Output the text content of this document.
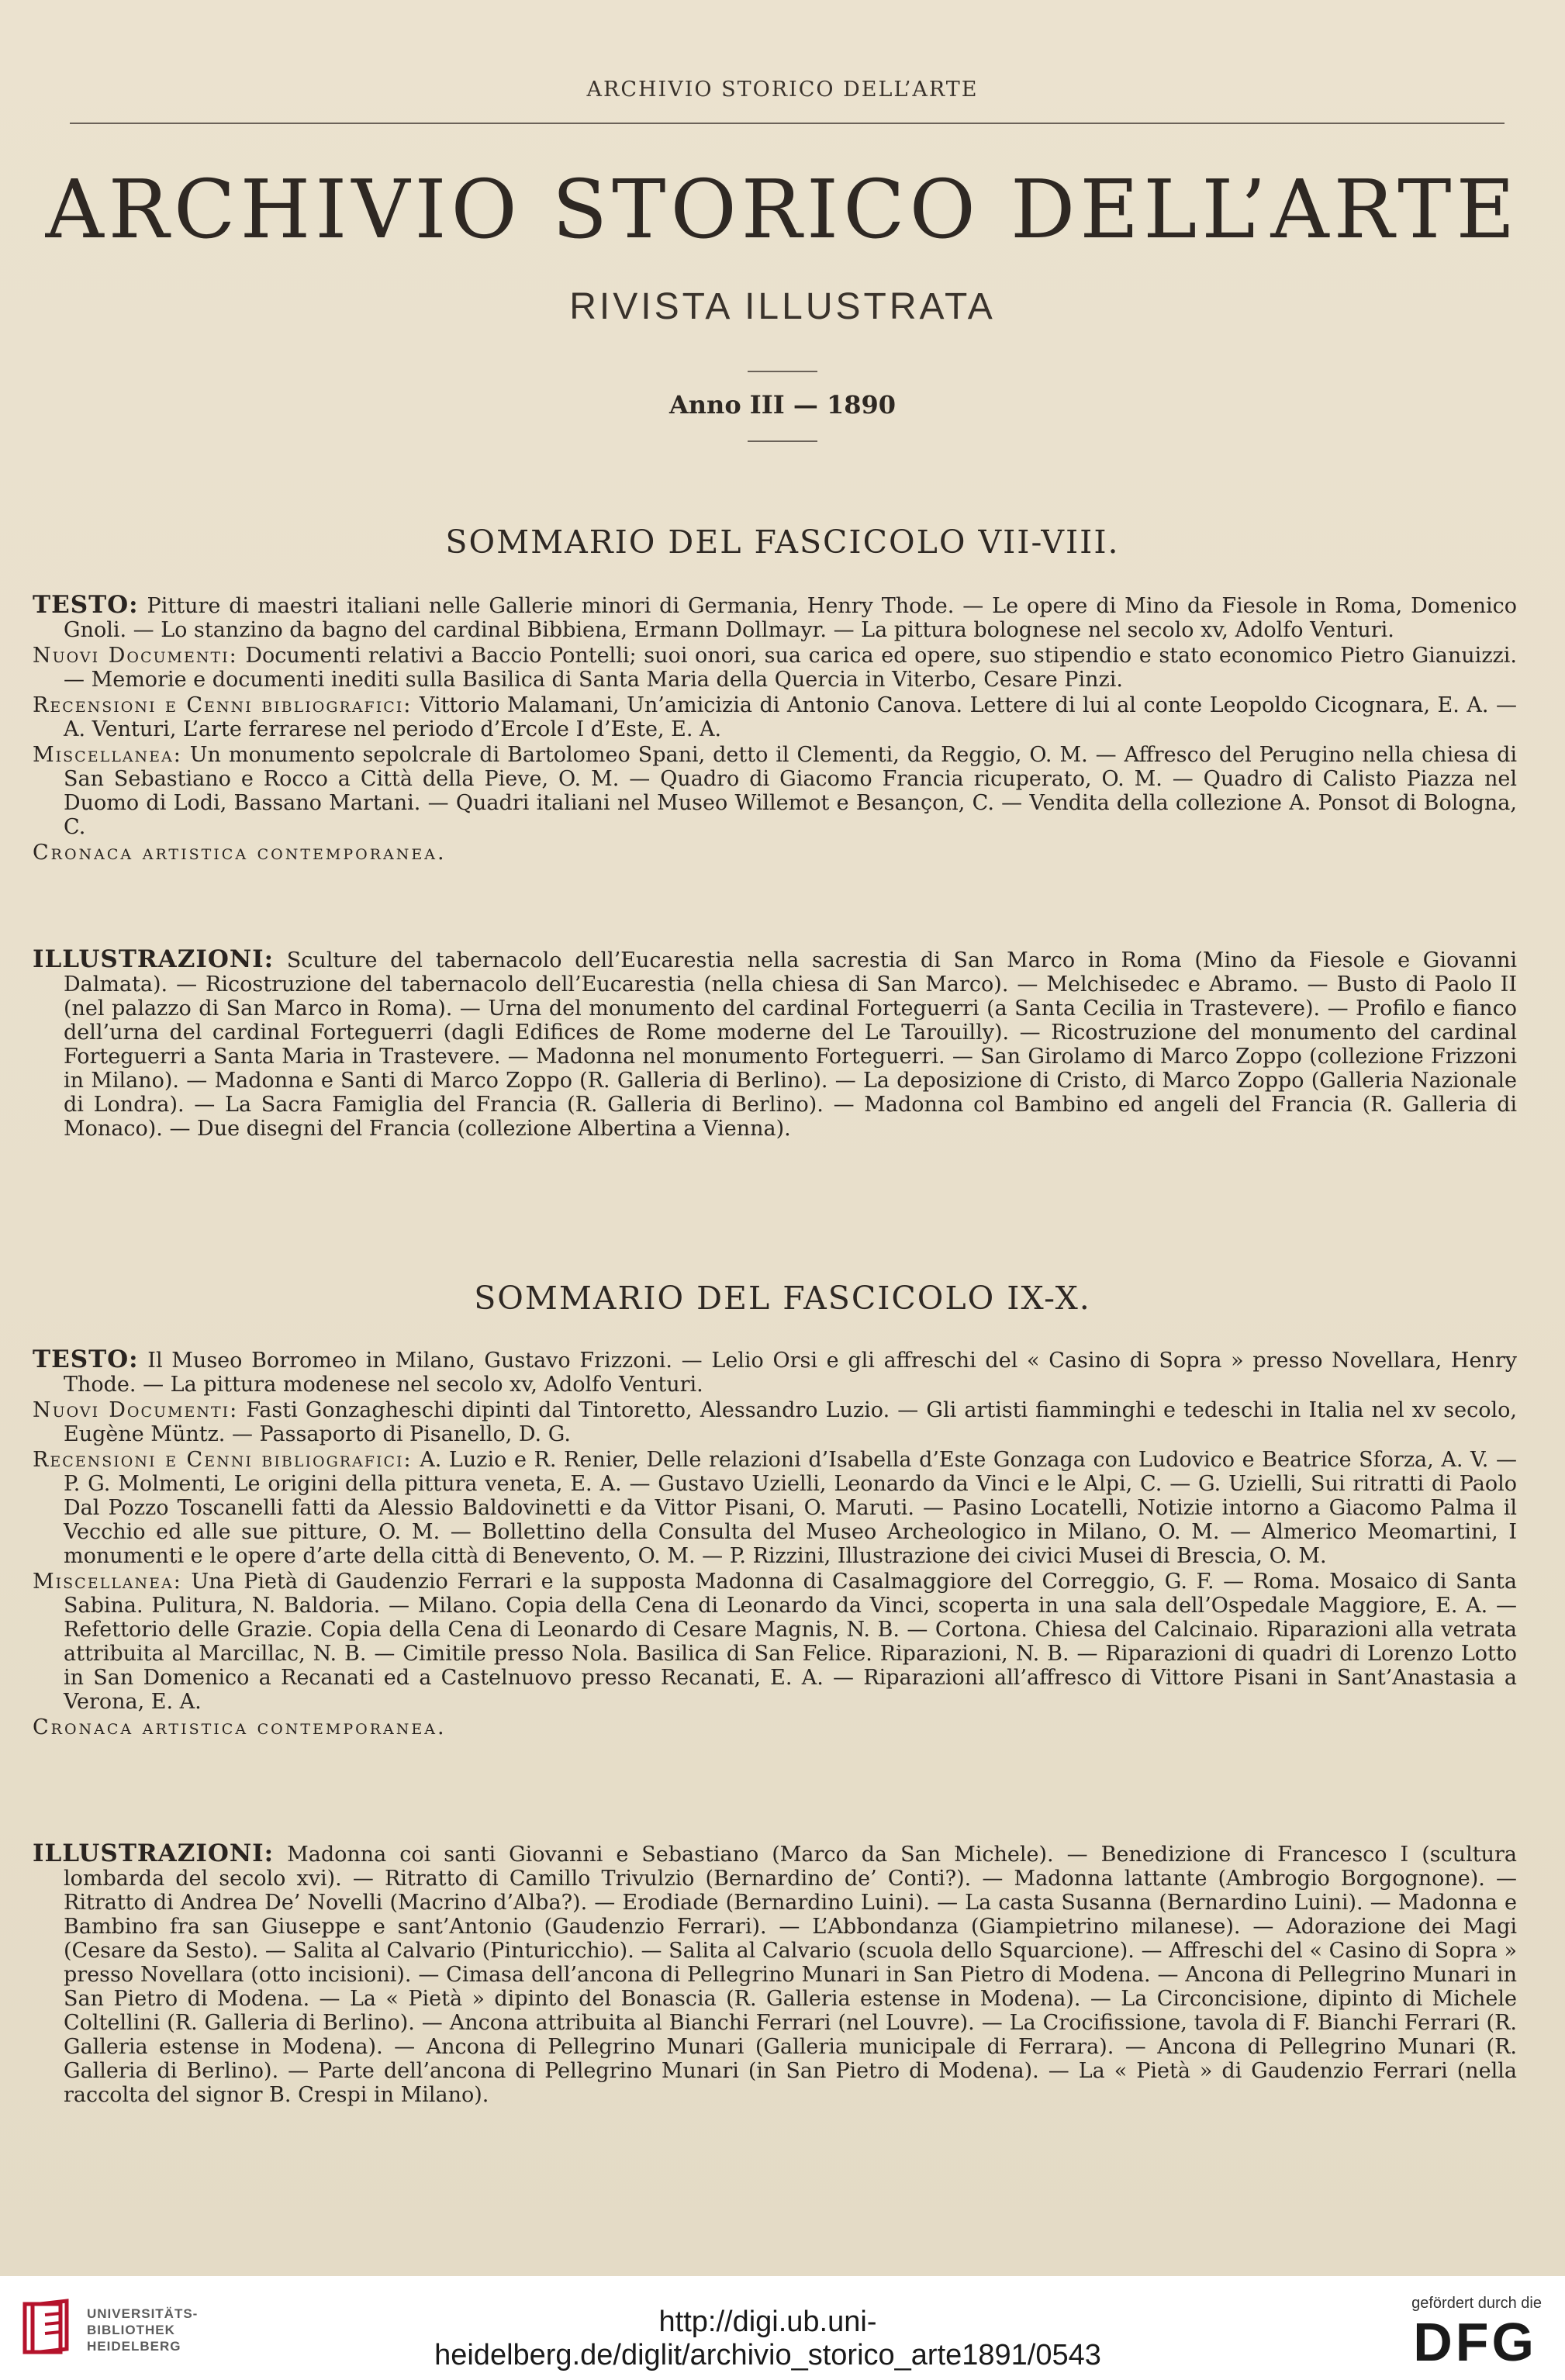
ARCHIVIO STORICO DELL’ARTE
ARCHIVIO STORICO DELL’ARTE
RIVISTA ILLUSTRATA
Anno III — 1890
SOMMARIO DEL FASCICOLO VII-VIII.

TESTO: Pitture di maestri italiani nelle Gallerie minori di Germania, Henry Thode. — Le opere di Mino da Fiesole in Roma, Domenico Gnoli. — Lo stanzino da bagno del cardinal Bibbiena, Ermann Dollmayr. — La pittura bolognese nel secolo xv, Adolfo Venturi.

Nuovi Documenti: Documenti relativi a Baccio Pontelli; suoi onori, sua carica ed opere, suo stipendio e stato economico Pietro Gianuizzi. — Memorie e documenti inediti sulla Basilica di Santa Maria della Quercia in Viterbo, Cesare Pinzi.

Recensioni e Cenni bibliografici: Vittorio Malamani, Un’amicizia di Antonio Canova. Lettere di lui al conte Leopoldo Cicognara, E. A. — A. Venturi, L’arte ferrarese nel periodo d’Ercole I d’Este, E. A.

Miscellanea: Un monumento sepolcrale di Bartolomeo Spani, detto il Clementi, da Reggio, O. M. — Affresco del Perugino nella chiesa di San Sebastiano e Rocco a Città della Pieve, O. M. — Quadro di Giacomo Francia ricuperato, O. M. — Quadro di Calisto Piazza nel Duomo di Lodi, Bassano Martani. — Quadri italiani nel Museo Willemot e Besançon, C. — Vendita della collezione A. Ponsot di Bologna, C.

Cronaca artistica contemporanea.

ILLUSTRAZIONI: Sculture del tabernacolo dell’Eucarestia nella sacrestia di San Marco in Roma (Mino da Fiesole e Giovanni Dalmata). — Ricostruzione del tabernacolo dell’Eucarestia (nella chiesa di San Marco). — Melchisedec e Abramo. — Busto di Paolo II (nel palazzo di San Marco in Roma). — Urna del monumento del cardinal Forteguerri (a Santa Cecilia in Trastevere). — Profilo e fianco dell’urna del cardinal Forteguerri (dagli Edifices de Rome moderne del Le Tarouilly). — Ricostruzione del monumento del cardinal Forteguerri a Santa Maria in Trastevere. — Madonna nel monumento Forteguerri. — San Girolamo di Marco Zoppo (collezione Frizzoni in Milano). — Madonna e Santi di Marco Zoppo (R. Galleria di Berlino). — La deposizione di Cristo, di Marco Zoppo (Galleria Nazionale di Londra). — La Sacra Famiglia del Francia (R. Galleria di Berlino). — Madonna col Bambino ed angeli del Francia (R. Galleria di Monaco). — Due disegni del Francia (collezione Albertina a Vienna).

SOMMARIO DEL FASCICOLO IX-X.

TESTO: Il Museo Borromeo in Milano, Gustavo Frizzoni. — Lelio Orsi e gli affreschi del « Casino di Sopra » presso Novellara, Henry Thode. — La pittura modenese nel secolo xv, Adolfo Venturi.

Nuovi Documenti: Fasti Gonzagheschi dipinti dal Tintoretto, Alessandro Luzio. — Gli artisti fiamminghi e tedeschi in Italia nel xv secolo, Eugène Müntz. — Passaporto di Pisanello, D. G.

Recensioni e Cenni bibliografici: A. Luzio e R. Renier, Delle relazioni d’Isabella d’Este Gonzaga con Ludovico e Beatrice Sforza, A. V. — P. G. Molmenti, Le origini della pittura veneta, E. A. — Gustavo Uzielli, Leonardo da Vinci e le Alpi, C. — G. Uzielli, Sui ritratti di Paolo Dal Pozzo Toscanelli fatti da Alessio Baldovinetti e da Vittor Pisani, O. Maruti. — Pasino Locatelli, Notizie intorno a Giacomo Palma il Vecchio ed alle sue pitture, O. M. — Bollettino della Consulta del Museo Archeologico in Milano, O. M. — Almerico Meomartini, I monumenti e le opere d’arte della città di Benevento, O. M. — P. Rizzini, Illustrazione dei civici Musei di Brescia, O. M.

Miscellanea: Una Pietà di Gaudenzio Ferrari e la supposta Madonna di Casalmaggiore del Correggio, G. F. — Roma. Mosaico di Santa Sabina. Pulitura, N. Baldoria. — Milano. Copia della Cena di Leonardo da Vinci, scoperta in una sala dell’Ospedale Maggiore, E. A. — Refettorio delle Grazie. Copia della Cena di Leonardo di Cesare Magnis, N. B. — Cortona. Chiesa del Calcinaio. Riparazioni alla vetrata attribuita al Marcillac, N. B. — Cimitile presso Nola. Basilica di San Felice. Riparazioni, N. B. — Riparazioni di quadri di Lorenzo Lotto in San Domenico a Recanati ed a Castelnuovo presso Recanati, E. A. — Riparazioni all’affresco di Vittore Pisani in Sant’Anastasia a Verona, E. A.

Cronaca artistica contemporanea.

ILLUSTRAZIONI: Madonna coi santi Giovanni e Sebastiano (Marco da San Michele). — Benedizione di Francesco I (scultura lombarda del secolo xvi). — Ritratto di Camillo Trivulzio (Bernardino de’ Conti?). — Madonna lattante (Ambrogio Borgognone). — Ritratto di Andrea De’ Novelli (Macrino d’Alba?). — Erodiade (Bernardino Luini). — La casta Susanna (Bernardino Luini). — Madonna e Bambino fra san Giuseppe e sant’Antonio (Gaudenzio Ferrari). — L’Abbondanza (Giampietrino milanese). — Adorazione dei Magi (Cesare da Sesto). — Salita al Calvario (Pinturicchio). — Salita al Calvario (scuola dello Squarcione). — Affreschi del « Casino di Sopra » presso Novellara (otto incisioni). — Cimasa dell’ancona di Pellegrino Munari in San Pietro di Modena. — Ancona di Pellegrino Munari in San Pietro di Modena. — La « Pietà » dipinto del Bonascia (R. Galleria estense in Modena). — La Circoncisione, dipinto di Michele Coltellini (R. Galleria di Berlino). — Ancona attribuita al Bianchi Ferrari (nel Louvre). — La Crocifissione, tavola di F. Bianchi Ferrari (R. Galleria estense in Modena). — Ancona di Pellegrino Munari (Galleria municipale di Ferrara). — Ancona di Pellegrino Munari (R. Galleria di Berlino). — Parte dell’ancona di Pellegrino Munari (in San Pietro di Modena). — La « Pietà » di Gaudenzio Ferrari (nella raccolta del signor B. Crespi in Milano).

UNIVERSITÄTS-
BIBLIOTHEK
HEIDELBERG
http://digi.ub.uni-heidelberg.de/diglit/archivio_storico_arte1891/0543
gefördert durch die
DFG
